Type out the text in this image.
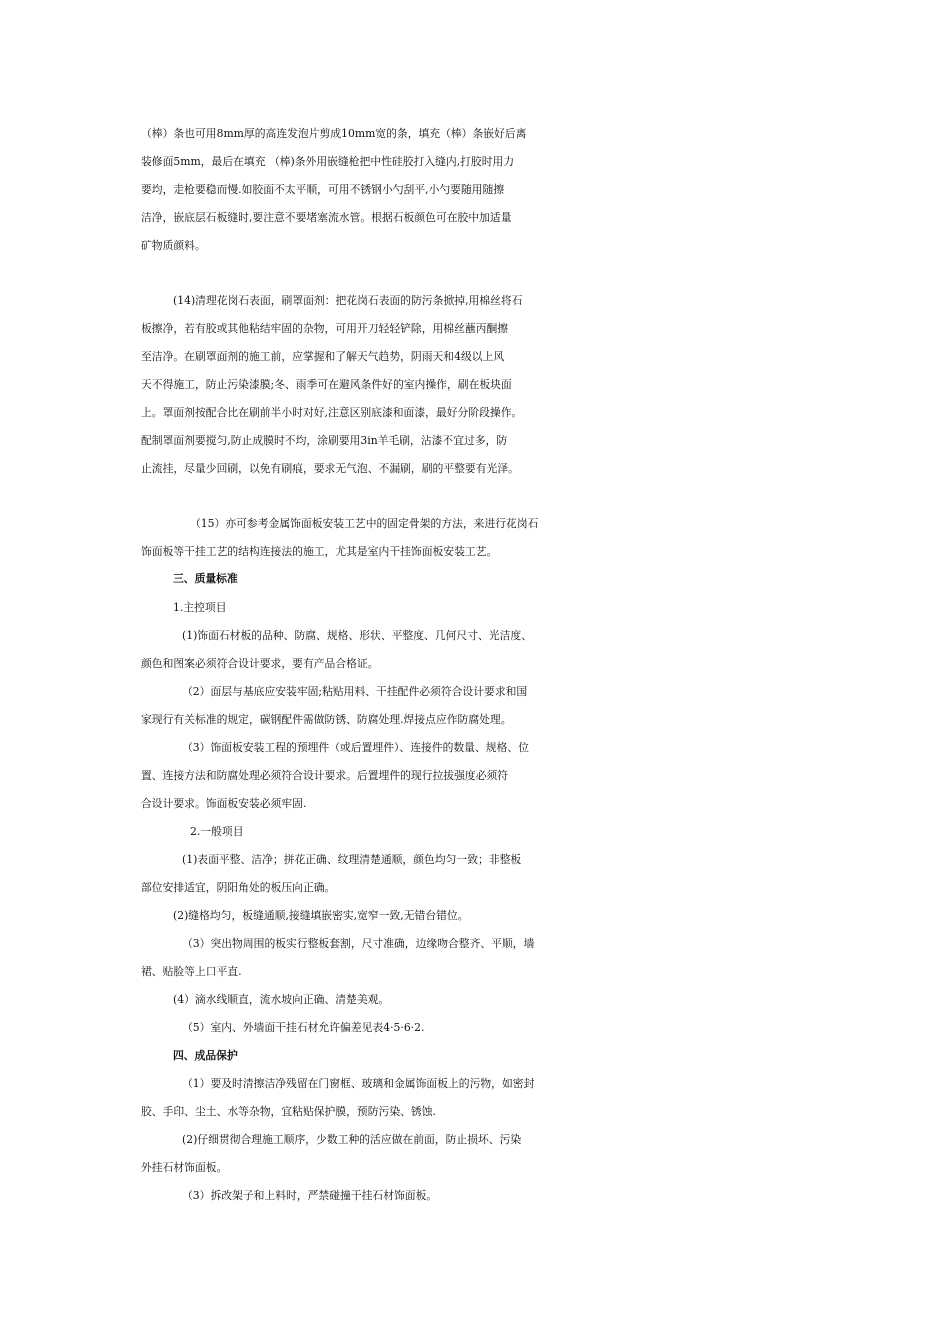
（棒）条也可用8mm厚的高连发泡片剪成10mm宽的条，填充（棒）条嵌好后离
装修面5mm，最后在填充 （棒)条外用嵌缝枪把中性硅胶打入缝内,打胶时用力
要均，走枪要稳而慢.如胶面不太平顺，可用不锈钢小勺刮平,小勺要随用随擦
洁净，嵌底层石板缝时,要注意不要堵塞流水管。根据石板颜色可在胶中加适量
矿物质颜料。
(14)清理花岗石表面，刷罩面剂：把花岗石表面的防污条掀掉,用棉丝将石
板擦净，若有胶或其他粘结牢固的杂物，可用开刀轻轻铲除，用棉丝蘸丙酮擦
至洁净。在刷罩面剂的施工前，应掌握和了解天气趋势，阴雨天和4级以上风
天不得施工，防止污染漆膜;冬、雨季可在避风条件好的室内操作，刷在板块面
上。罩面剂按配合比在刷前半小时对好,注意区别底漆和面漆，最好分阶段操作。
配制罩面剂要搅匀,防止成膜时不均，涂刷要用3in羊毛刷，沾漆不宜过多，防
止流挂，尽量少回刷，以免有刷痕，要求无气泡、不漏刷，刷的平整要有光泽。
（15）亦可参考金属饰面板安装工艺中的固定骨架的方法，来进行花岗石
饰面板等干挂工艺的结构连接法的施工，尤其是室内干挂饰面板安装工艺。
三、质量标准
1.主控项目
(1)饰面石材板的品种、防腐、规格、形状、平整度、几何尺寸、光洁度、
颜色和图案必须符合设计要求，要有产品合格证。
（2）面层与基底应安装牢固;粘贴用料、干挂配件必须符合设计要求和国
家现行有关标准的规定，碳钢配件需做防锈、防腐处理.焊接点应作防腐处理。
（3）饰面板安装工程的预埋件（或后置埋件）、连接件的数量、规格、位
置、连接方法和防腐处理必须符合设计要求。后置埋件的现行拉拔强度必须符
合设计要求。饰面板安装必须牢固.
2.一般项目
(1)表面平整、洁净；拼花正确、纹理清楚通顺，颜色均匀一致；非整板
部位安排适宜，阴阳角处的板压向正确。
(2)缝格均匀，板缝通顺,接缝填嵌密实,宽窄一致,无错台错位。
（3）突出物周围的板实行整板套割，尺寸准确，边缘吻合整齐、平顺，墙
裙、贴脸等上口平直.
(4）滴水线顺直，流水坡向正确、清楚美观。
（5）室内、外墙面干挂石材允许偏差见表4·5·6·2.
四、成品保护
（1）要及时清擦洁净残留在门窗框、玻璃和金属饰面板上的污物，如密封
胶、手印、尘土、水等杂物，宜粘贴保护膜，预防污染、锈蚀.
(2)仔细贯彻合理施工顺序，少数工种的活应做在前面，防止损坏、污染
外挂石材饰面板。
（3）拆改架子和上料时，严禁碰撞干挂石材饰面板。
